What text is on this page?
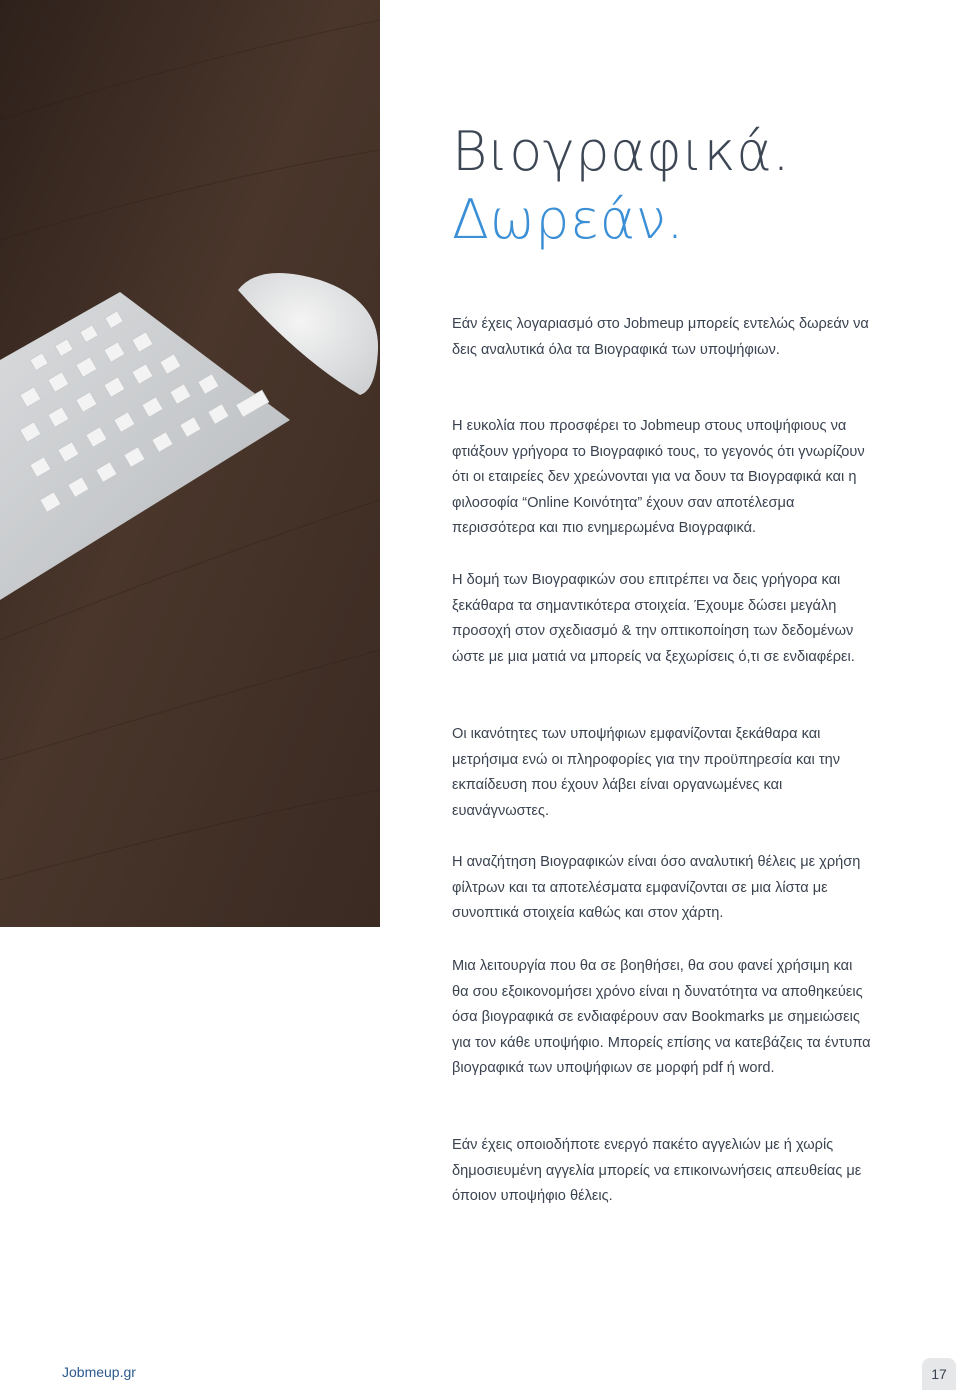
Βιογραφικά.
Δωρεάν.
Εάν έχεις λογαριασμό στο Jobmeup μπορείς εντελώς δωρεάν να δεις αναλυτικά όλα τα Βιογραφικά των υποψήφιων.
Η ευκολία που προσφέρει το Jobmeup στους υποψήφιους να φτιάξουν γρήγορα το Βιογραφικό τους, το γεγονός ότι γνωρίζουν ότι οι εταιρείες δεν χρεώνονται για να δουν τα Βιογραφικά και η φιλοσοφία “Online Κοινότητα” έχουν σαν αποτέλεσμα περισσότερα και πιο ενημερωμένα Βιογραφικά.
Η δομή των Βιογραφικών σου επιτρέπει να δεις γρήγορα και ξεκάθαρα τα σημαντικότερα στοιχεία. Έχουμε δώσει μεγάλη προσοχή στον σχεδιασμό & την οπτικοποίηση των δεδομένων ώστε με μια ματιά να μπορείς να ξεχωρίσεις ό,τι σε ενδιαφέρει.
Οι ικανότητες των υποψήφιων εμφανίζονται ξεκάθαρα και μετρήσιμα ενώ οι πληροφορίες για την προϋπηρεσία και την εκπαίδευση που έχουν λάβει είναι οργανωμένες και ευανάγνωστες.
Η αναζήτηση Βιογραφικών είναι όσο αναλυτική θέλεις με χρήση φίλτρων και τα αποτελέσματα εμφανίζονται σε μια λίστα με συνοπτικά στοιχεία καθώς και στον χάρτη.
Μια λειτουργία που θα σε βοηθήσει, θα σου φανεί χρήσιμη και θα σου εξοικονομήσει χρόνο είναι η δυνατότητα να αποθηκεύεις όσα βιογραφικά σε ενδιαφέρουν σαν Bookmarks με σημειώσεις για τον κάθε υποψήφιο. Μπορείς επίσης να κατεβάζεις τα έντυπα βιογραφικά των υποψήφιων σε μορφή pdf ή word.
Εάν έχεις οποιοδήποτε ενεργό πακέτο αγγελιών με ή χωρίς δημοσιευμένη αγγελία μπορείς να επικοινωνήσεις απευθείας με όποιον υποψήφιο θέλεις.
Jobmeup.gr	17
